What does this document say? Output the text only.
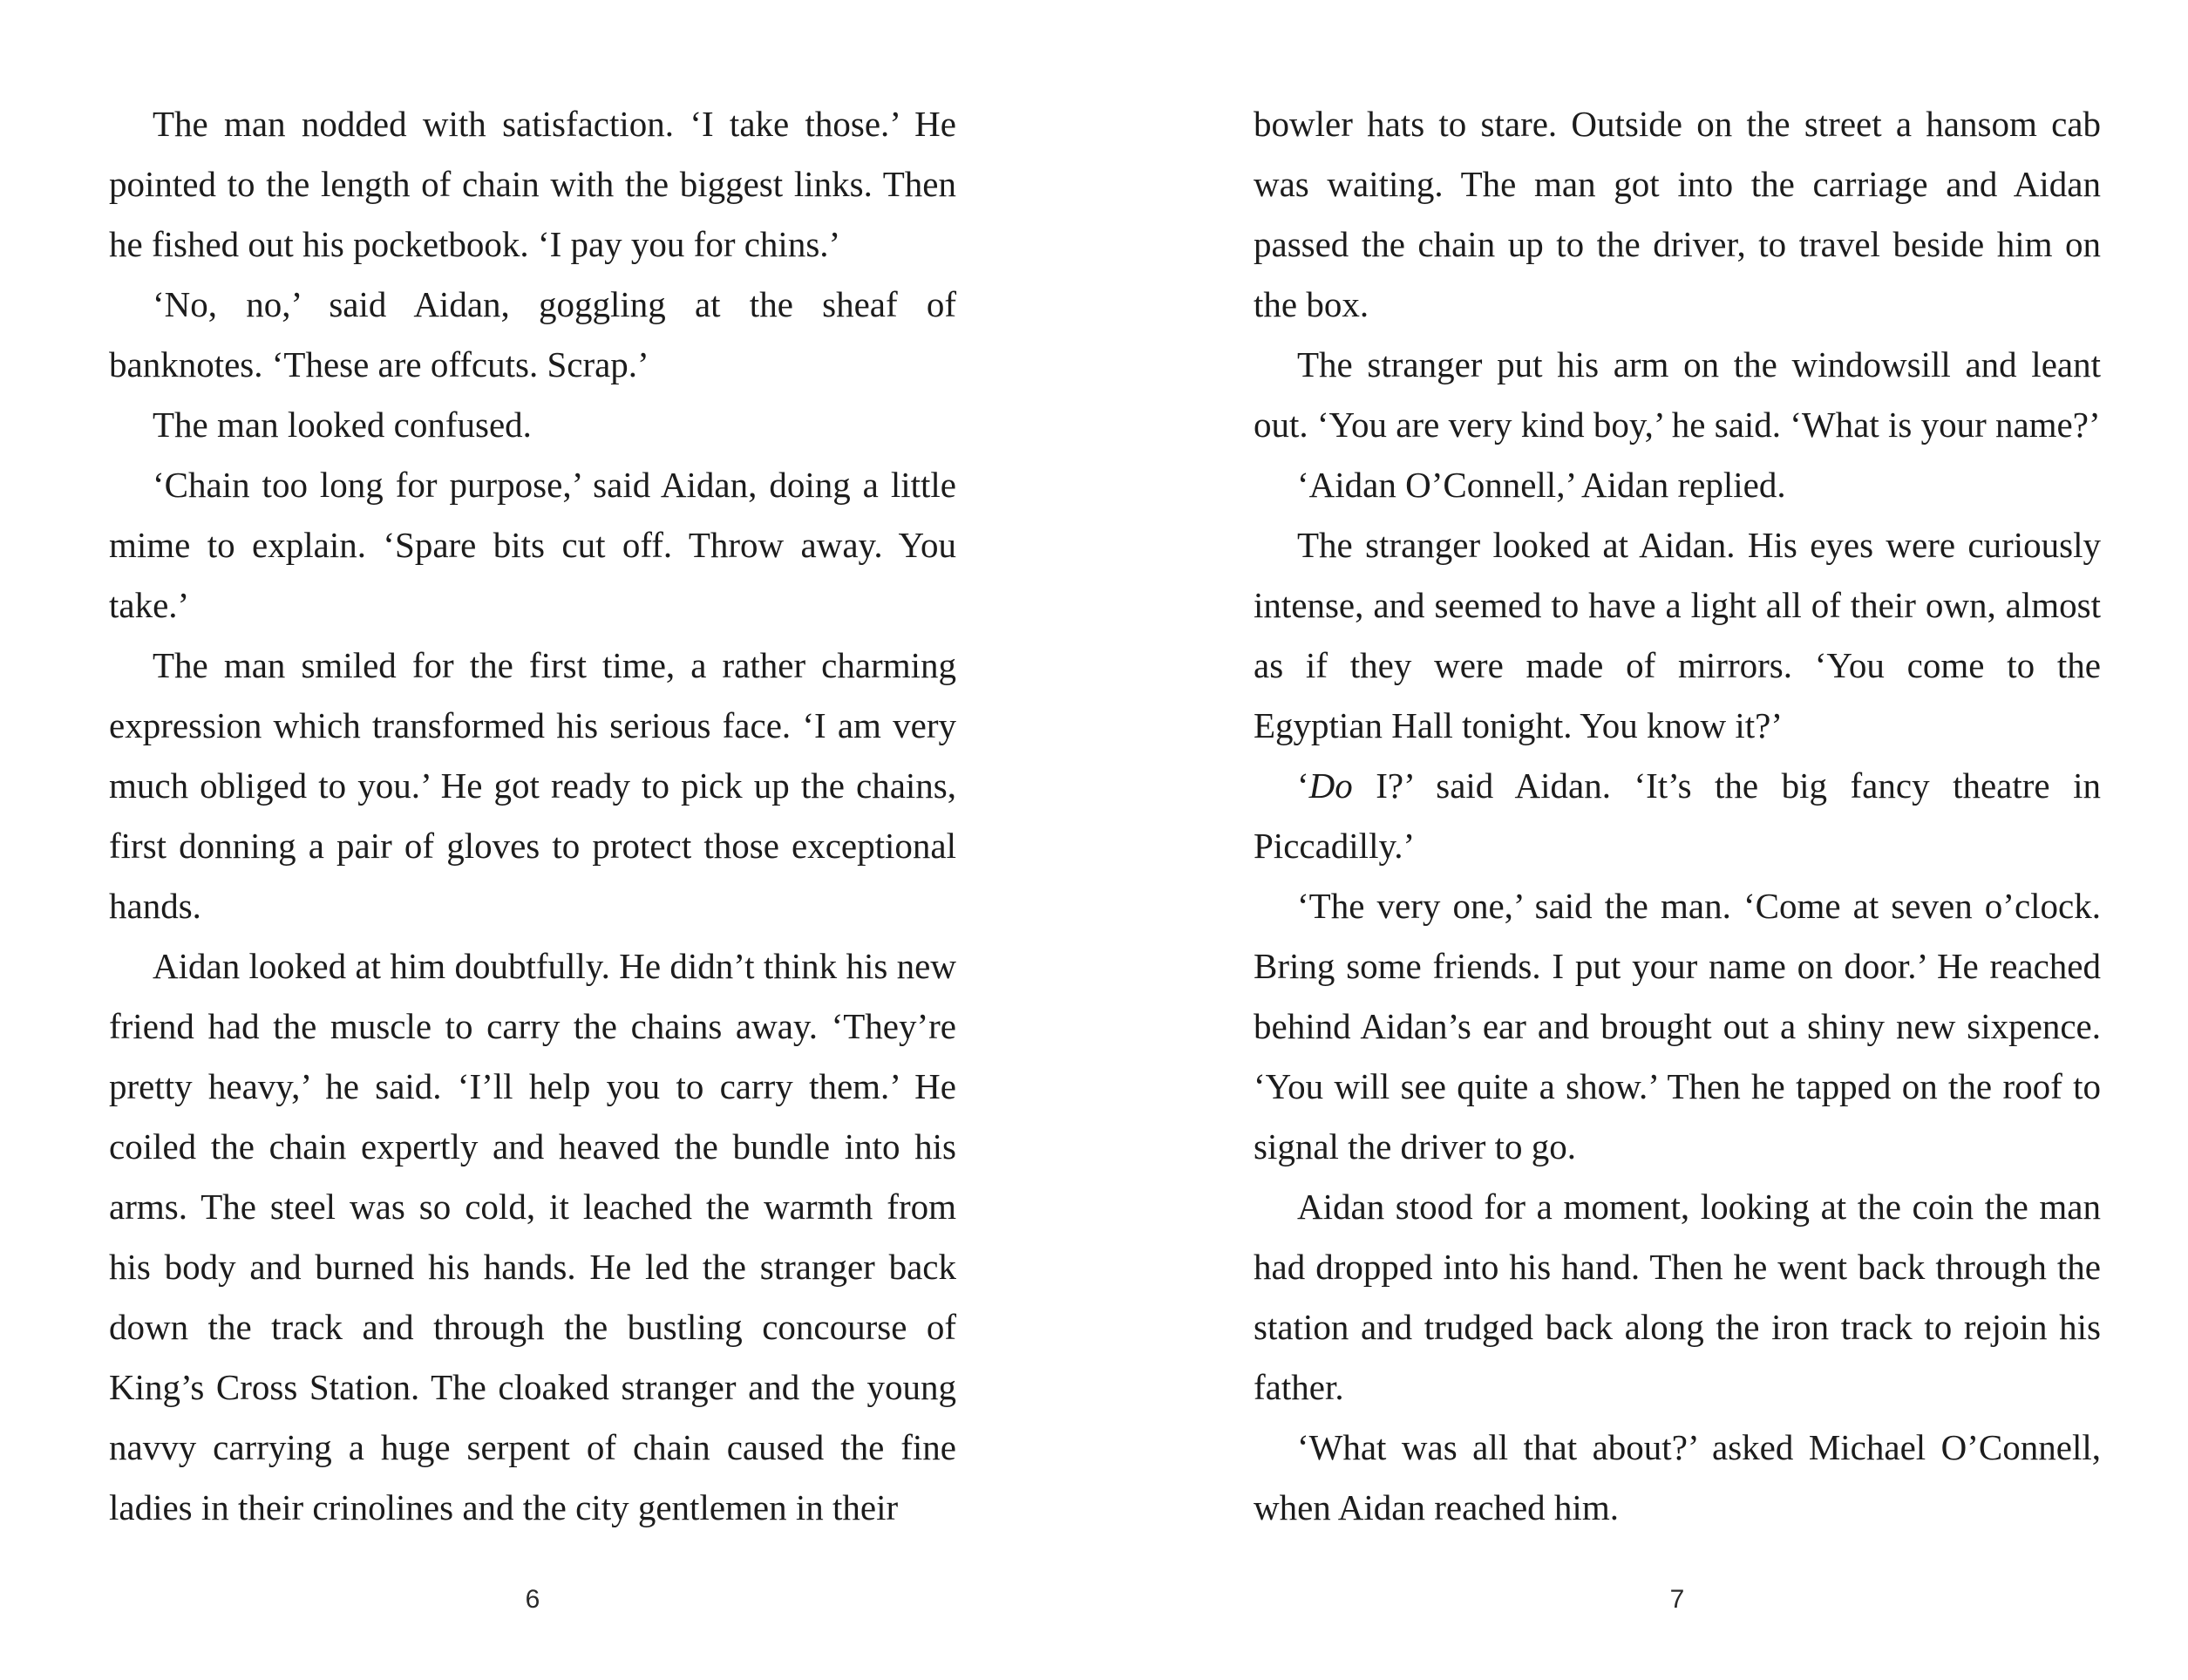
The man nodded with satisfaction. ‘I take those.’ He pointed to the length of chain with the biggest links. Then he fished out his pocketbook. ‘I pay you for chins.’

‘No, no,’ said Aidan, goggling at the sheaf of banknotes. ‘These are offcuts. Scrap.’

The man looked confused.

‘Chain too long for purpose,’ said Aidan, doing a little mime to explain. ‘Spare bits cut off. Throw away. You take.’

The man smiled for the first time, a rather charming expression which transformed his serious face. ‘I am very much obliged to you.’ He got ready to pick up the chains, first donning a pair of gloves to protect those exceptional hands.

Aidan looked at him doubtfully. He didn’t think his new friend had the muscle to carry the chains away. ‘They’re pretty heavy,’ he said. ‘I’ll help you to carry them.’ He coiled the chain expertly and heaved the bundle into his arms. The steel was so cold, it leached the warmth from his body and burned his hands. He led the stranger back down the track and through the bustling concourse of King’s Cross Station. The cloaked stranger and the young navvy carrying a huge serpent of chain caused the fine ladies in their crinolines and the city gentlemen in their

6

bowler hats to stare. Outside on the street a hansom cab was waiting. The man got into the carriage and Aidan passed the chain up to the driver, to travel beside him on the box.

The stranger put his arm on the windowsill and leant out. ‘You are very kind boy,’ he said. ‘What is your name?’

‘Aidan O’Connell,’ Aidan replied.

The stranger looked at Aidan. His eyes were curiously intense, and seemed to have a light all of their own, almost as if they were made of mirrors. ‘You come to the Egyptian Hall tonight. You know it?’

‘Do I?’ said Aidan. ‘It’s the big fancy theatre in Piccadilly.’

‘The very one,’ said the man. ‘Come at seven o’clock. Bring some friends. I put your name on door.’ He reached behind Aidan’s ear and brought out a shiny new sixpence. ‘You will see quite a show.’ Then he tapped on the roof to signal the driver to go.

Aidan stood for a moment, looking at the coin the man had dropped into his hand. Then he went back through the station and trudged back along the iron track to rejoin his father.

‘What was all that about?’ asked Michael O’Connell, when Aidan reached him.

7
